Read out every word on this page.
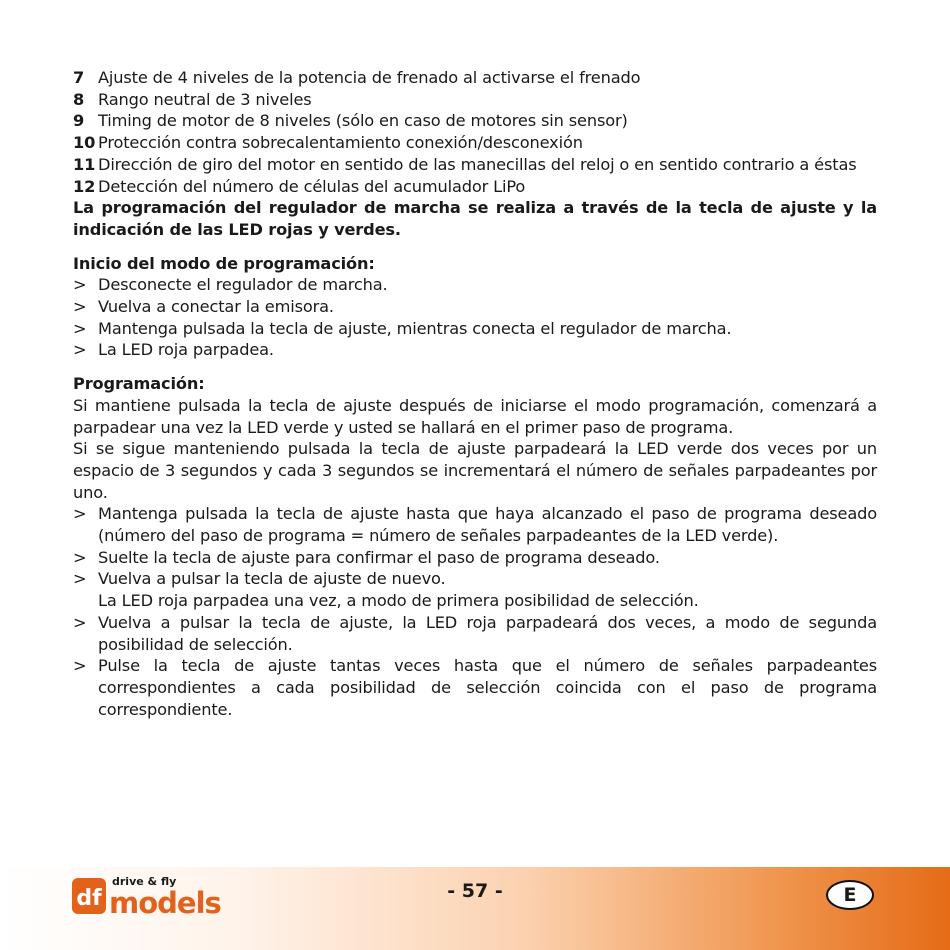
7 Ajuste de 4 niveles de la potencia de frenado al activarse el frenado
8 Rango neutral de 3 niveles
9 Timing de motor de 8 niveles (sólo en caso de motores sin sensor)
10 Protección contra sobrecalentamiento conexión/desconexión
11 Dirección de giro del motor en sentido de las manecillas del reloj o en sentido contrario a éstas
12 Detección del número de células del acumulador LiPo
La programación del regulador de marcha se realiza a través de la tecla de ajuste y la indicación de las LED rojas y verdes.
Inicio del modo de programación:
> Desconecte el regulador de marcha.
> Vuelva a conectar la emisora.
> Mantenga pulsada la tecla de ajuste, mientras conecta el regulador de marcha.
> La LED roja parpadea.
Programación:
Si mantiene pulsada la tecla de ajuste después de iniciarse el modo programación, comenzará a parpadear una vez la LED verde y usted se hallará en el primer paso de programa.
Si se sigue manteniendo pulsada la tecla de ajuste parpadeará la LED verde dos veces por un espacio de 3 segundos y cada 3 segundos se incrementará el número de señales parpadeantes por uno.
> Mantenga pulsada la tecla de ajuste hasta que haya alcanzado el paso de programa deseado (número del paso de programa = número de señales parpadeantes de la LED verde).
> Suelte la tecla de ajuste para confirmar el paso de programa deseado.
> Vuelva a pulsar la tecla de ajuste de nuevo.
La LED roja parpadea una vez, a modo de primera posibilidad de selección.
> Vuelva a pulsar la tecla de ajuste, la LED roja parpadeará dos veces, a modo de segunda posibilidad de selección.
> Pulse la tecla de ajuste tantas veces hasta que el número de señales parpadeantes correspondientes a cada posibilidad de selección coincida con el paso de programa correspondiente.
df
drive & fly
models	- 57 -	E
